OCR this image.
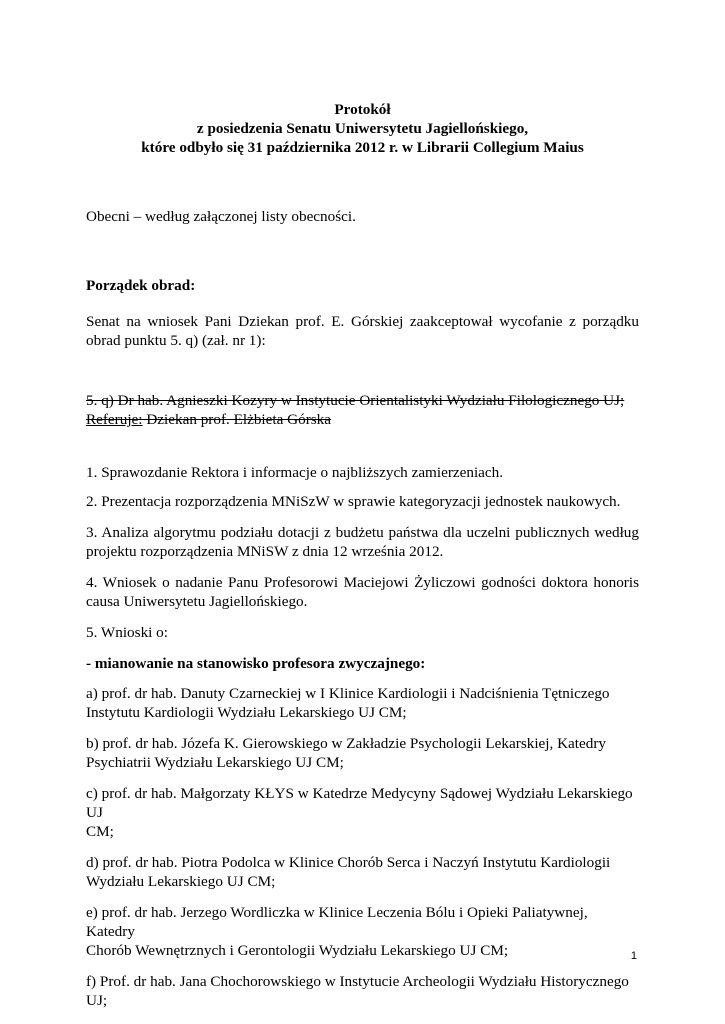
Protokół
z posiedzenia Senatu Uniwersytetu Jagiellońskiego,
które odbyło się 31 października 2012 r. w Librarii Collegium Maius

Obecni – według załączonej listy obecności.

Porządek obrad:

Senat na wniosek Pani Dziekan prof. E. Górskiej zaakceptował wycofanie z porządku obrad punktu 5. q) (zał. nr 1):

5. q) Dr hab. Agnieszki Kozyry w Instytucie Orientalistyki Wydziału Filologicznego UJ;
Referuje: Dziekan prof. Elżbieta Górska

1. Sprawozdanie Rektora i informacje o najbliższych zamierzeniach.

2. Prezentacja rozporządzenia MNiSzW w sprawie kategoryzacji jednostek naukowych.

3. Analiza algorytmu podziału dotacji z budżetu państwa dla uczelni publicznych według projektu rozporządzenia MNiSW z dnia 12 września 2012.

4. Wniosek o nadanie Panu Profesorowi Maciejowi Żyliczowi godności doktora honoris causa Uniwersytetu Jagiellońskiego.

5. Wnioski o:

- mianowanie na stanowisko profesora zwyczajnego:

a) prof. dr hab. Danuty Czarneckiej w I Klinice Kardiologii i Nadciśnienia Tętniczego
Instytutu Kardiologii Wydziału Lekarskiego UJ CM;
b) prof. dr hab. Józefa K. Gierowskiego w Zakładzie Psychologii Lekarskiej, Katedry
Psychiatrii Wydziału Lekarskiego UJ CM;
c) prof. dr hab. Małgorzaty KŁYS w Katedrze Medycyny Sądowej Wydziału Lekarskiego UJ
CM;
d) prof. dr hab. Piotra Podolca w Klinice Chorób Serca i Naczyń Instytutu Kardiologii
Wydziału Lekarskiego UJ CM;
e) prof. dr hab. Jerzego Wordliczka w Klinice Leczenia Bólu i Opieki Paliatywnej, Katedry
Chorób Wewnętrznych i Gerontologii Wydziału Lekarskiego UJ CM;
f) Prof. dr hab. Jana Chochorowskiego w Instytucie Archeologii Wydziału Historycznego UJ;
1
